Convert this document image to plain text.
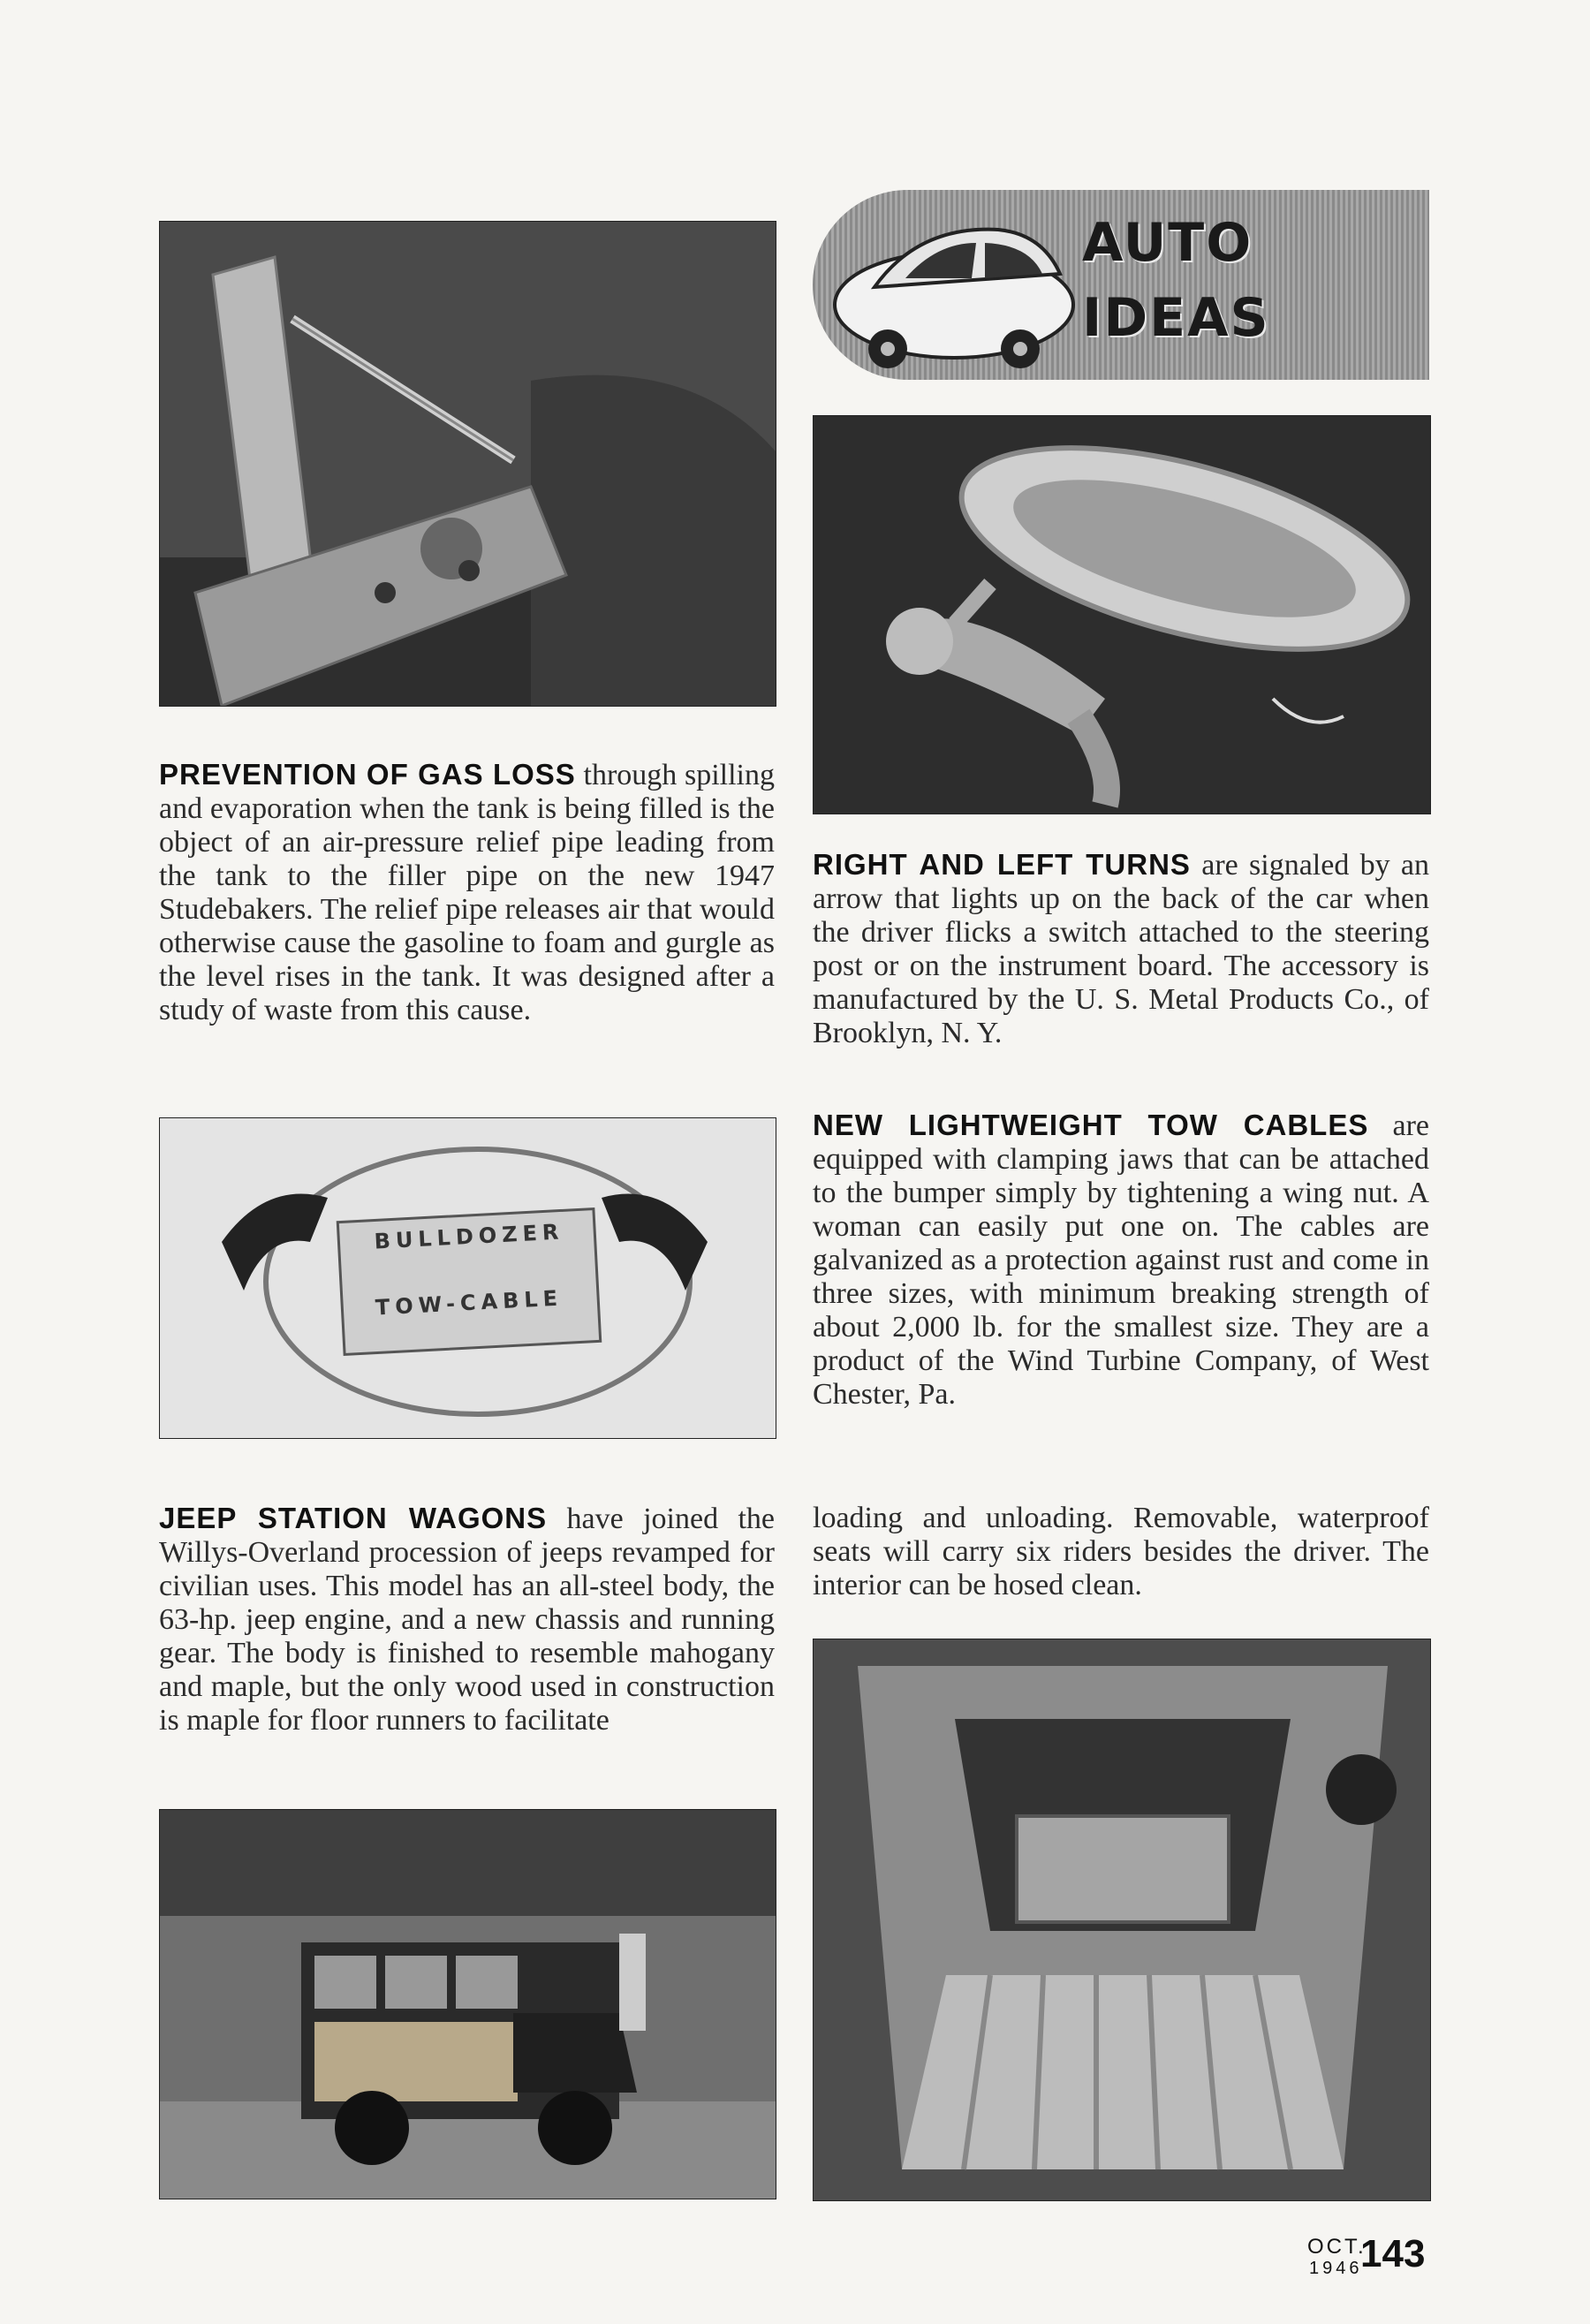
AUTO
IDEAS
PREVENTION OF GAS LOSS through spilling and evaporation when the tank is being filled is the object of an air-pressure relief pipe leading from the tank to the filler pipe on the new 1947 Studebakers. The relief pipe releases air that would otherwise cause the gasoline to foam and gurgle as the level rises in the tank. It was designed after a study of waste from this cause.
RIGHT AND LEFT TURNS are signaled by an arrow that lights up on the back of the car when the driver flicks a switch attached to the steering post or on the instrument board. The accessory is manufactured by the U. S. Metal Products Co., of Brooklyn, N. Y.
BULLDOZER
TOW-CABLE
NEW LIGHTWEIGHT TOW CABLES are equipped with clamping jaws that can be attached to the bumper simply by tightening a wing nut. A woman can easily put one on. The cables are galvanized as a protection against rust and come in three sizes, with minimum breaking strength of about 2,000 lb. for the smallest size. They are a product of the Wind Turbine Company, of West Chester, Pa.
JEEP STATION WAGONS have joined the Willys-Overland procession of jeeps revamped for civilian uses. This model has an all-steel body, the 63-hp. jeep engine, and a new chassis and running gear. The body is finished to resemble mahogany and maple, but the only wood used in construction is maple for floor runners to facilitate
loading and unloading. Removable, waterproof seats will carry six riders besides the driver. The interior can be hosed clean.
OCT.
1946
143
